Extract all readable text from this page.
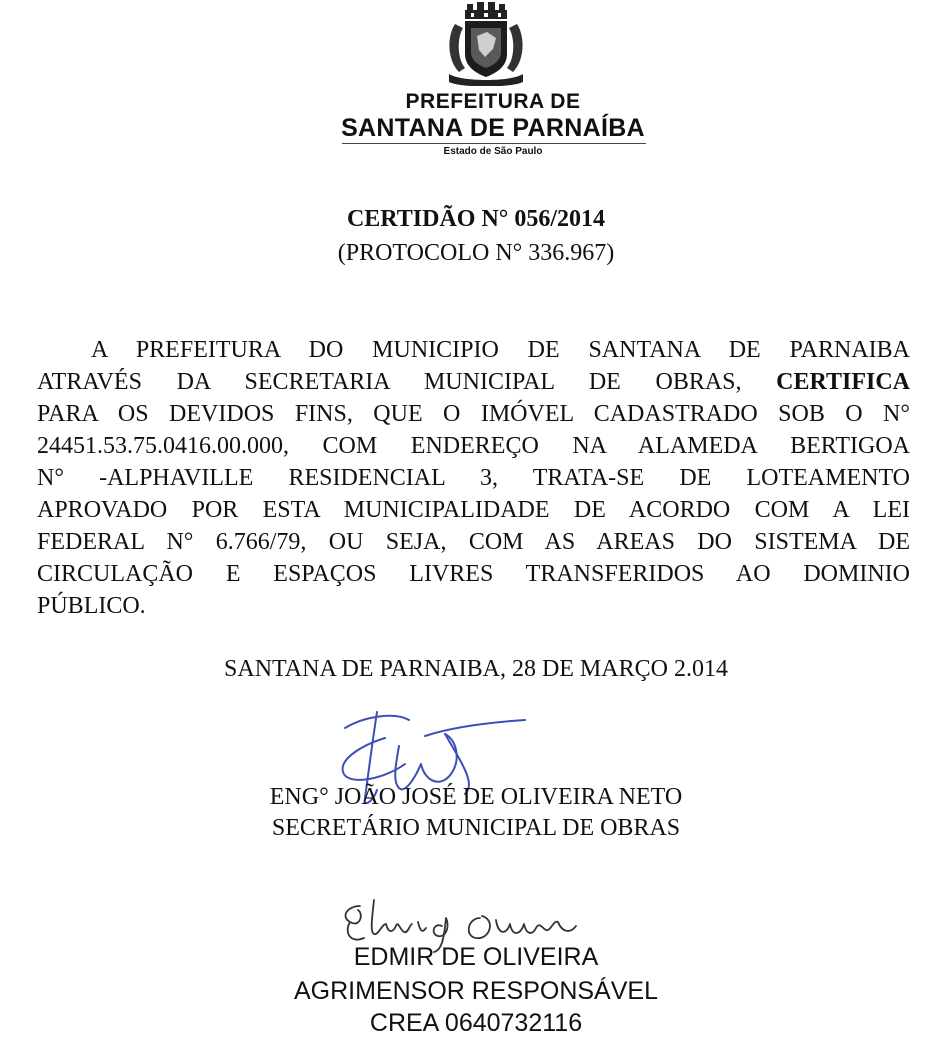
PREFEITURA DE
SANTANA DE PARNAÍBA
Estado de São Paulo
CERTIDÃO N° 056/2014
(PROTOCOLO N° 336.967)
A PREFEITURA DO MUNICIPIO DE SANTANA DE PARNAIBA
ATRAVÉS DA SECRETARIA MUNICIPAL DE OBRAS, CERTIFICA
PARA OS DEVIDOS FINS, QUE O IMÓVEL CADASTRADO SOB O N°
24451.53.75.0416.00.000, COM ENDEREÇO NA ALAMEDA BERTIGOA
N° -ALPHAVILLE RESIDENCIAL 3, TRATA-SE DE LOTEAMENTO
APROVADO POR ESTA MUNICIPALIDADE DE ACORDO COM A LEI
FEDERAL N° 6.766/79, OU SEJA, COM AS AREAS DO SISTEMA DE
CIRCULAÇÃO E ESPAÇOS LIVRES TRANSFERIDOS AO DOMINIO
PÚBLICO.
SANTANA DE PARNAIBA, 28 DE MARÇO 2.014
ENG° JOÃO JOSÉ DE OLIVEIRA NETO
SECRETÁRIO MUNICIPAL DE OBRAS
EDMIR DE OLIVEIRA
AGRIMENSOR RESPONSÁVEL
CREA 0640732116
